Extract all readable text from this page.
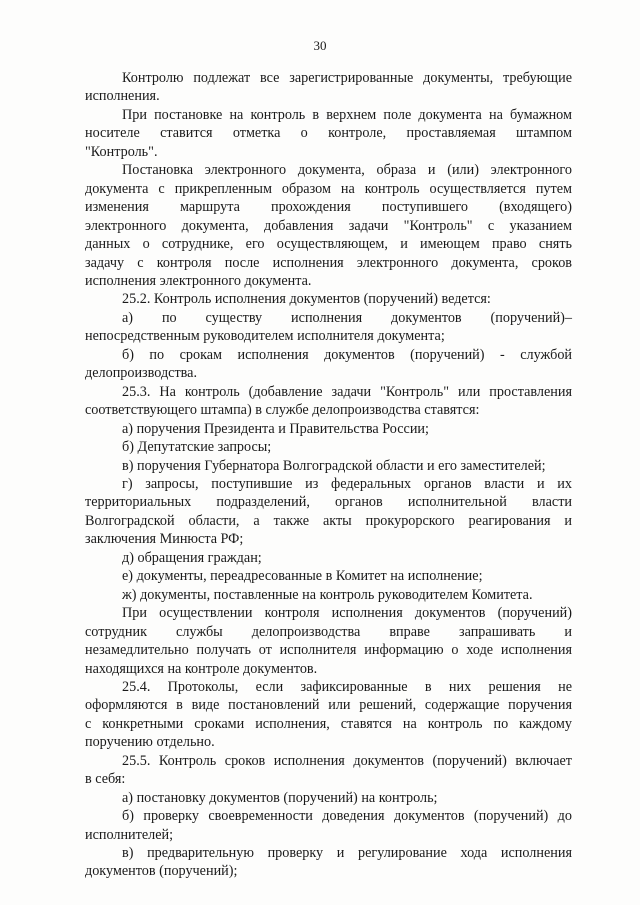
30
Контролю подлежат все зарегистрированные документы, требующие
исполнения.
При постановке на контроль в верхнем поле документа на бумажном
носителе ставится отметка о контроле, проставляемая штампом
"Контроль".
Постановка электронного документа, образа и (или) электронного
документа с прикрепленным образом на контроль осуществляется путем
изменения маршрута прохождения поступившего (входящего)
электронного документа, добавления задачи "Контроль" с указанием
данных о сотруднике, его осуществляющем, и имеющем право снять
задачу с контроля после исполнения электронного документа, сроков
исполнения электронного документа.
25.2. Контроль исполнения документов (поручений) ведется:
а) по существу исполнения документов (поручений)–
непосредственным руководителем исполнителя документа;
б) по срокам исполнения документов (поручений) - службой
делопроизводства.
25.3. На контроль (добавление задачи "Контроль" или проставления
соответствующего штампа) в службе делопроизводства ставятся:
а) поручения Президента и Правительства России;
б) Депутатские запросы;
в) поручения Губернатора Волгоградской области и его заместителей;
г) запросы, поступившие из федеральных органов власти и их
территориальных подразделений, органов исполнительной власти
Волгоградской области, а также акты прокурорского реагирования и
заключения Минюста РФ;
д) обращения граждан;
е) документы, переадресованные в Комитет на исполнение;
ж) документы, поставленные на контроль руководителем Комитета.
При осуществлении контроля исполнения документов (поручений)
сотрудник службы делопроизводства вправе запрашивать и
незамедлительно получать от исполнителя информацию о ходе исполнения
находящихся на контроле документов.
25.4. Протоколы, если зафиксированные в них решения не
оформляются в виде постановлений или решений, содержащие поручения
с конкретными сроками исполнения, ставятся на контроль по каждому
поручению отдельно.
25.5. Контроль сроков исполнения документов (поручений) включает
в себя:
а) постановку документов (поручений) на контроль;
б) проверку своевременности доведения документов (поручений) до
исполнителей;
в) предварительную проверку и регулирование хода исполнения
документов (поручений);
